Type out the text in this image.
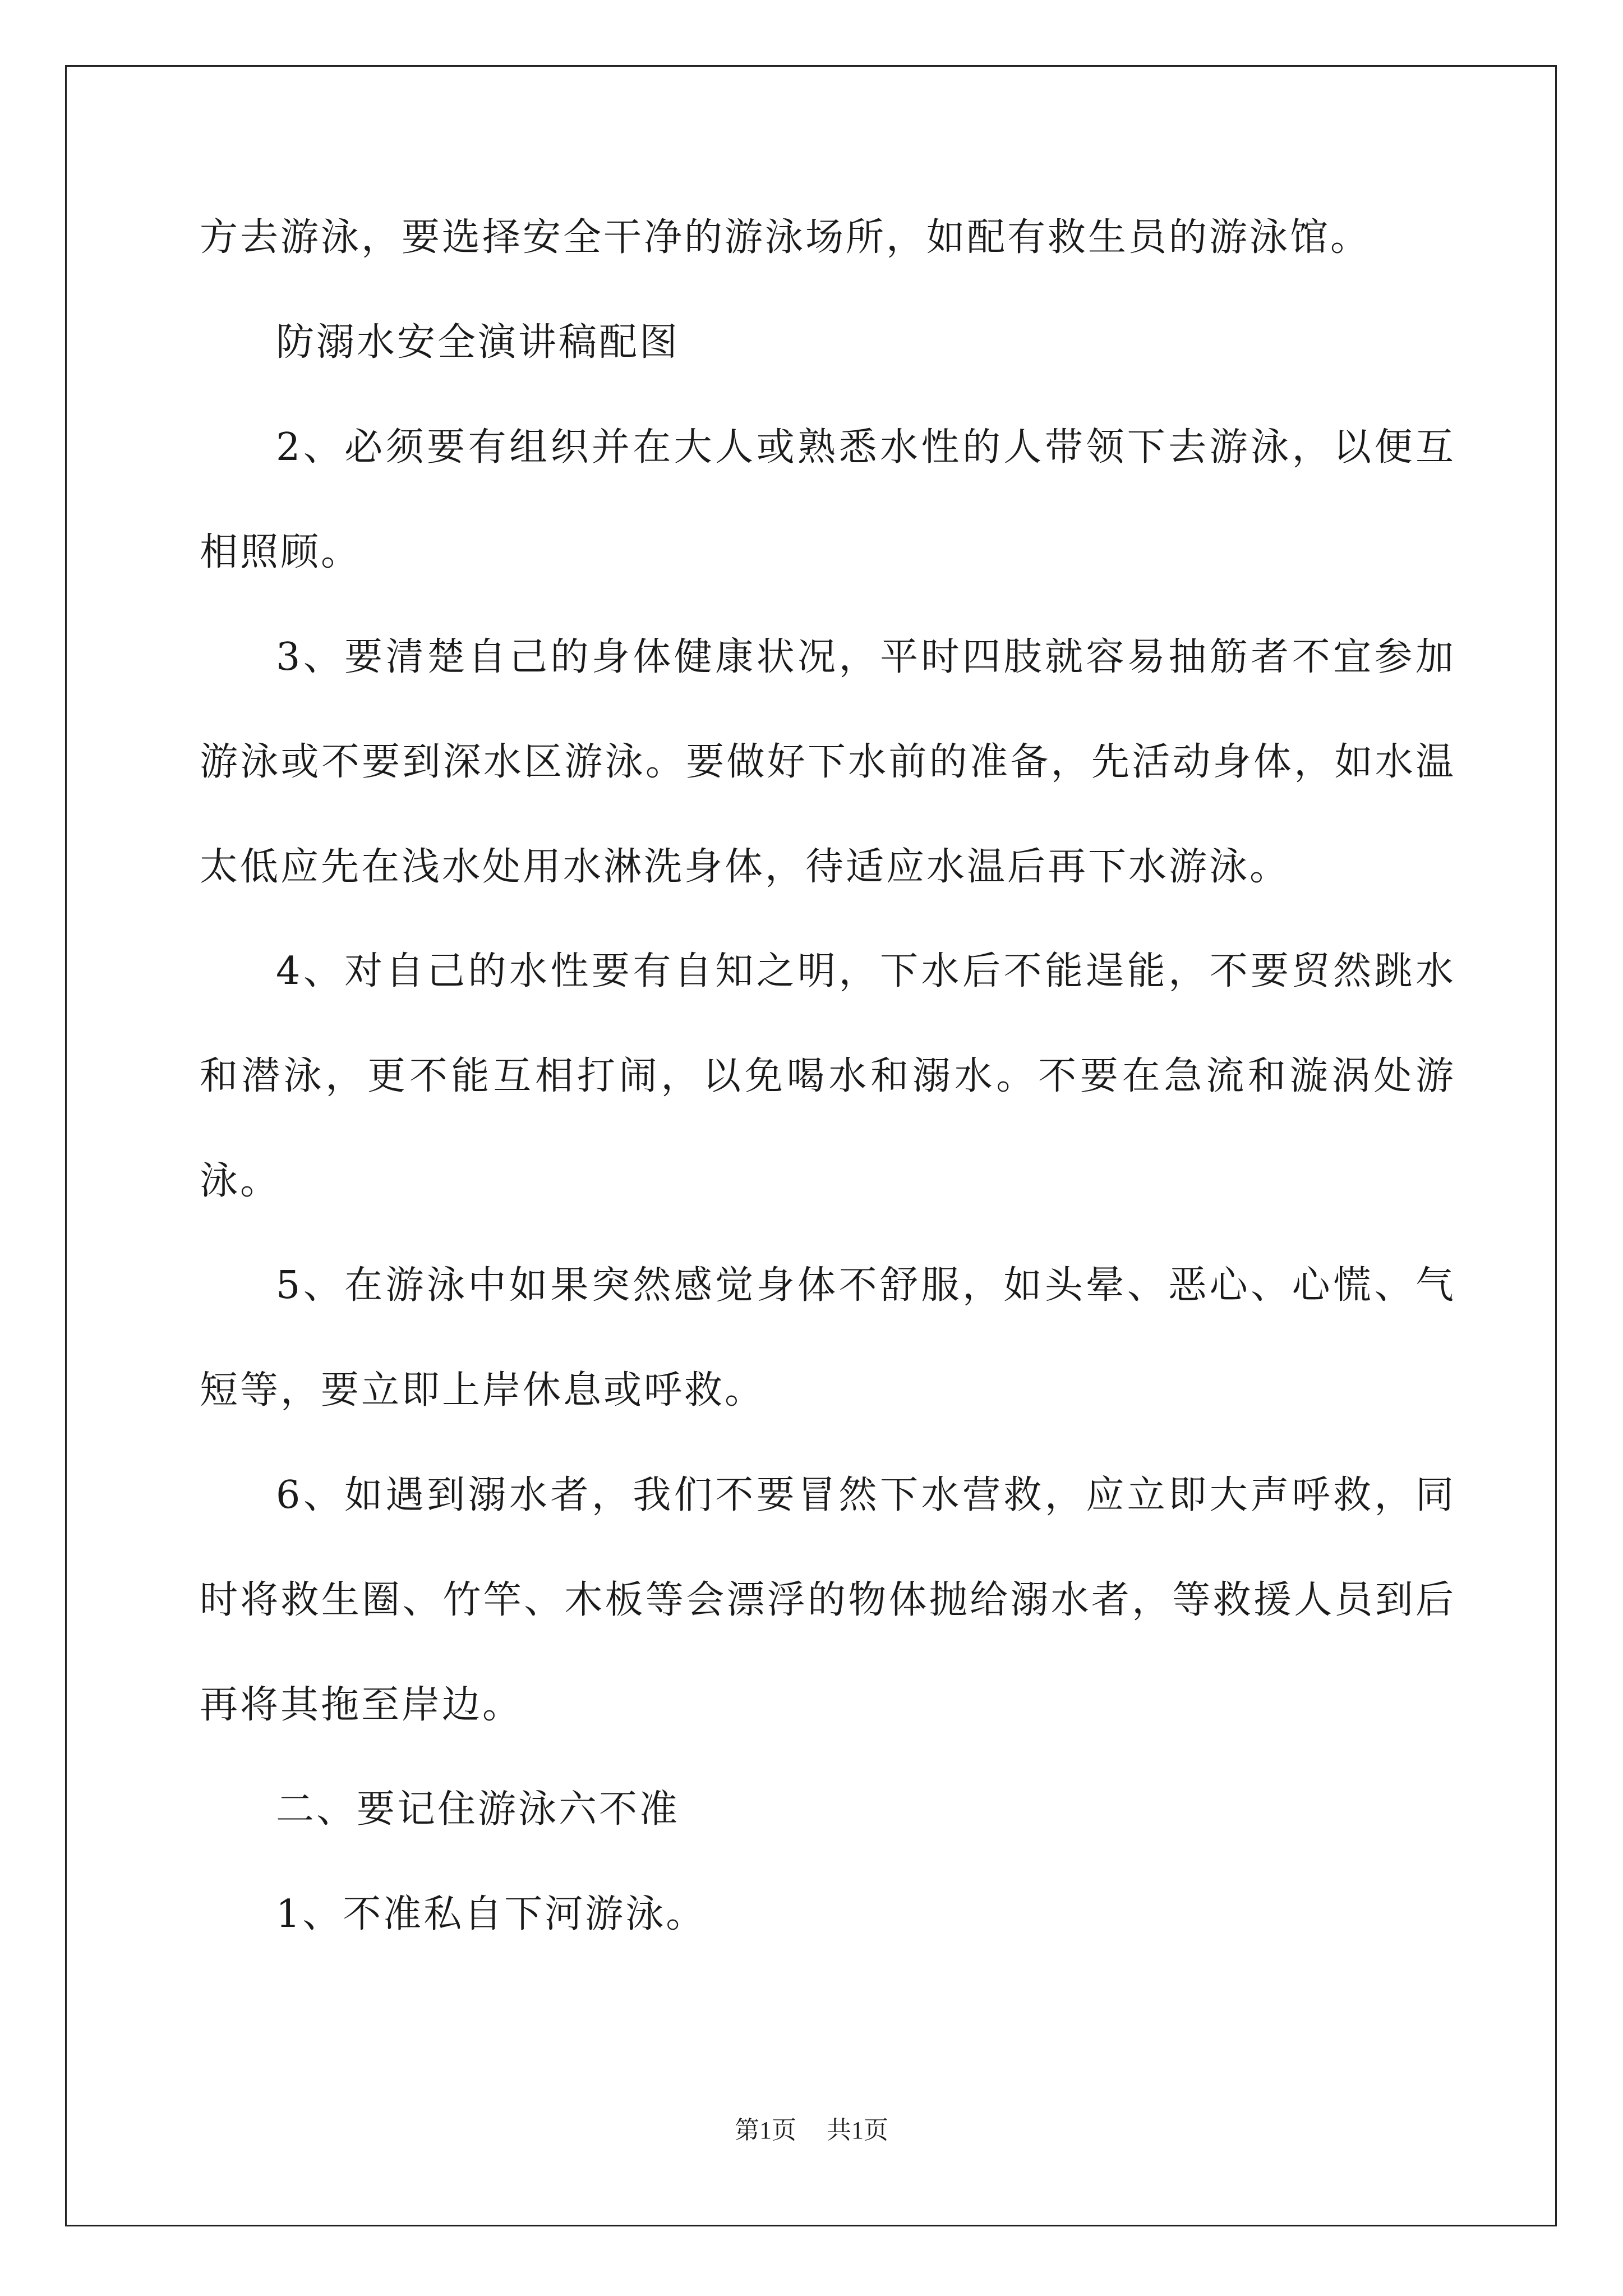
方去游泳，要选择安全干净的游泳场所，如配有救生员的游泳馆。

防溺水安全演讲稿配图

2、必须要有组织并在大人或熟悉水性的人带领下去游泳，以便互相照顾。

3、要清楚自己的身体健康状况，平时四肢就容易抽筋者不宜参加游泳或不要到深水区游泳。要做好下水前的准备，先活动身体，如水温太低应先在浅水处用水淋洗身体，待适应水温后再下水游泳。

4、对自己的水性要有自知之明，下水后不能逞能，不要贸然跳水和潜泳，更不能互相打闹，以免喝水和溺水。不要在急流和漩涡处游泳。

5、在游泳中如果突然感觉身体不舒服，如头晕、恶心、心慌、气短等，要立即上岸休息或呼救。

6、如遇到溺水者，我们不要冒然下水营救，应立即大声呼救，同时将救生圈、竹竿、木板等会漂浮的物体抛给溺水者，等救援人员到后再将其拖至岸边。

二、要记住游泳六不准

1、不准私自下河游泳。

第1页 共1页
